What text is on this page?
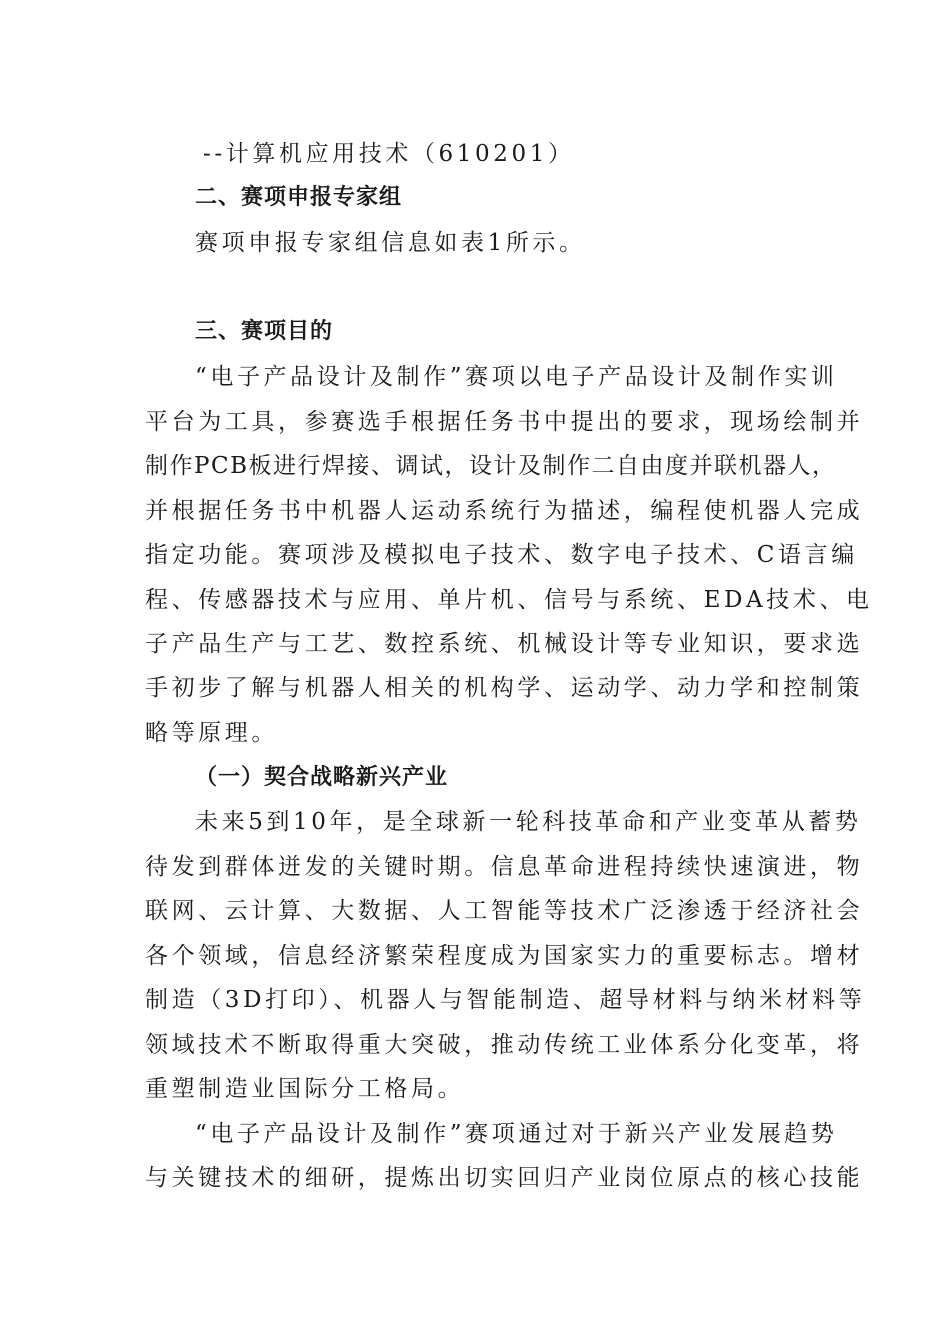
--计算机应用技术（610201）
二、赛项申报专家组
赛项申报专家组信息如表1所示。
三、赛项目的
“电子产品设计及制作”赛项以电子产品设计及制作实训
平台为工具，参赛选手根据任务书中提出的要求，现场绘制并
制作PCB板进行焊接、调试，设计及制作二自由度并联机器人，
并根据任务书中机器人运动系统行为描述，编程使机器人完成
指定功能。赛项涉及模拟电子技术、数字电子技术、C语言编
程、传感器技术与应用、单片机、信号与系统、EDA技术、电
子产品生产与工艺、数控系统、机械设计等专业知识，要求选
手初步了解与机器人相关的机构学、运动学、动力学和控制策
略等原理。
（一）契合战略新兴产业
未来5到10年，是全球新一轮科技革命和产业变革从蓄势
待发到群体迸发的关键时期。信息革命进程持续快速演进，物
联网、云计算、大数据、人工智能等技术广泛渗透于经济社会
各个领域，信息经济繁荣程度成为国家实力的重要标志。增材
制造（3D打印）、机器人与智能制造、超导材料与纳米材料等
领域技术不断取得重大突破，推动传统工业体系分化变革，将
重塑制造业国际分工格局。
“电子产品设计及制作”赛项通过对于新兴产业发展趋势
与关键技术的细研，提炼出切实回归产业岗位原点的核心技能
